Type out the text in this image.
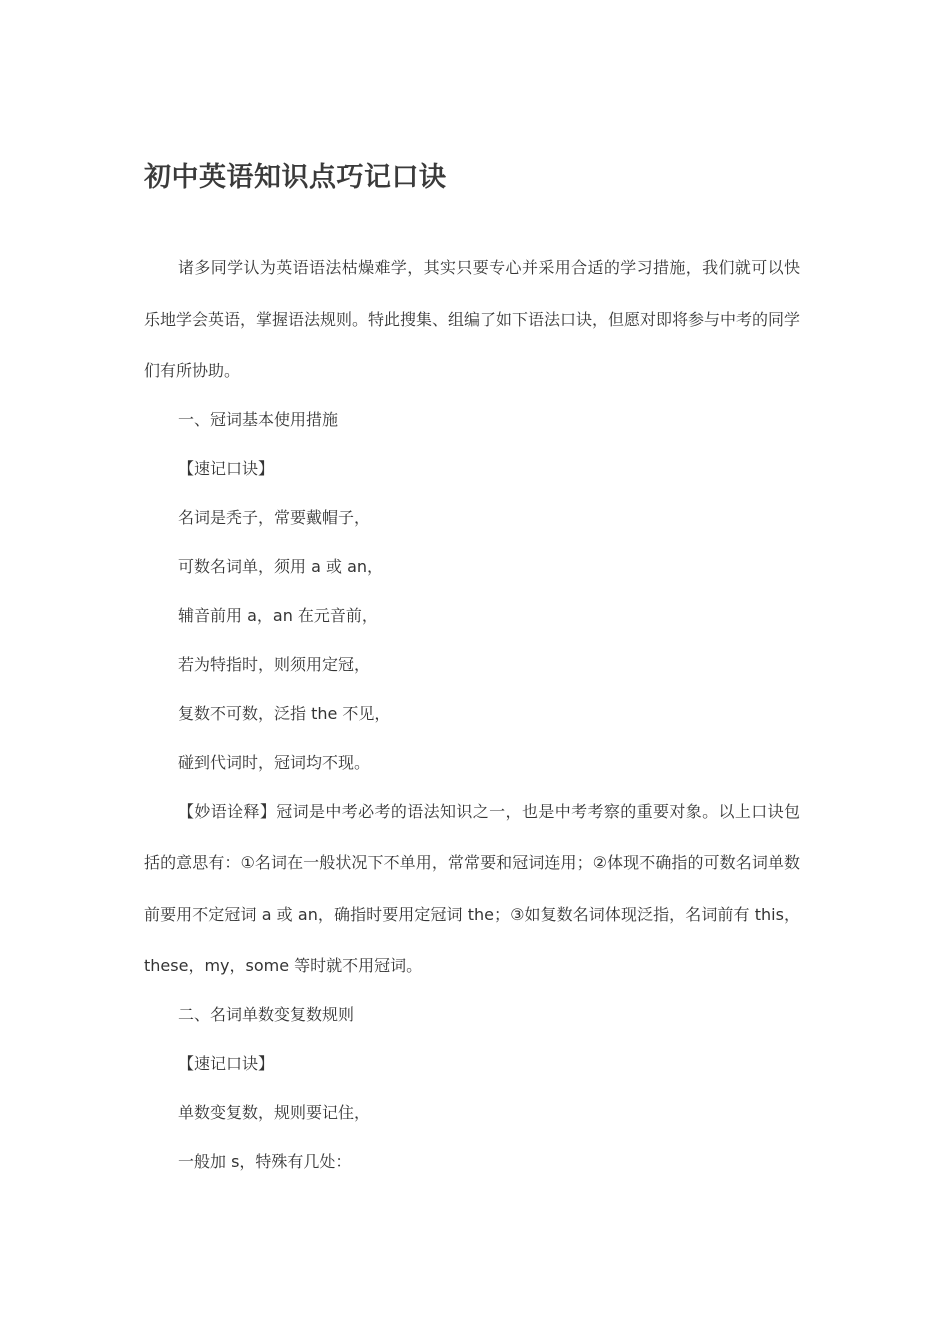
初中英语知识点巧记口诀

诸多同学认为英语语法枯燥难学，其实只要专心并采用合适的学习措施，我们就可以快乐地学会英语，掌握语法规则。特此搜集、组编了如下语法口诀，但愿对即将参与中考的同学们有所协助。

一、冠词基本使用措施

【速记口诀】

名词是秃子，常要戴帽子，

可数名词单，须用 a 或 an，

辅音前用 a，an 在元音前，

若为特指时，则须用定冠，

复数不可数，泛指 the 不见，

碰到代词时，冠词均不现。

【妙语诠释】冠词是中考必考的语法知识之一，也是中考考察的重要对象。以上口诀包括的意思有：①名词在一般状况下不单用，常常要和冠词连用；②体现不确指的可数名词单数前要用不定冠词 a 或 an，确指时要用定冠词 the；③如复数名词体现泛指，名词前有 this，these，my，some 等时就不用冠词。

二、名词单数变复数规则

【速记口诀】

单数变复数，规则要记住，

一般加 s，特殊有几处：
